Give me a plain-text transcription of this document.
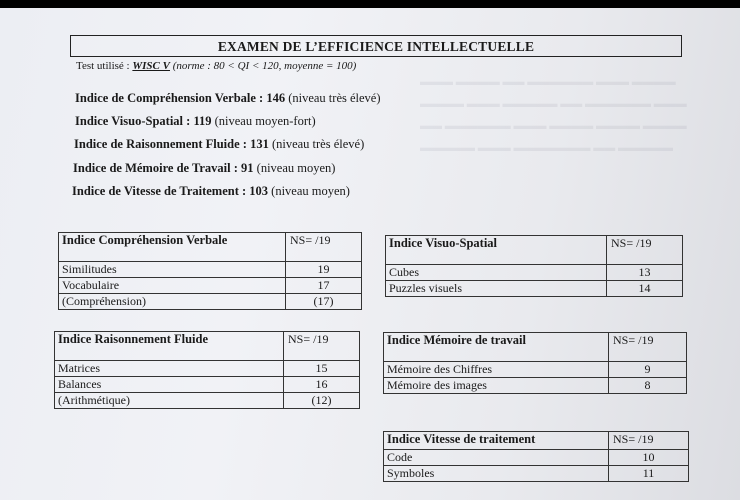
▬▬▬ ▬▬▬▬ ▬▬ ▬▬▬▬▬▬ ▬▬▬ ▬▬▬▬
▬▬▬▬ ▬▬▬ ▬▬▬▬▬ ▬▬ ▬▬▬▬▬▬ ▬▬▬
▬▬ ▬▬▬▬▬▬ ▬▬▬ ▬▬▬▬ ▬▬▬▬ ▬▬▬▬
▬▬▬▬▬ ▬▬▬ ▬▬▬▬▬▬▬ ▬▬ ▬▬▬▬▬
EXAMEN DE L’EFFICIENCE INTELLECTUELLE
Test utilisé : WISC V (norme : 80 < QI < 120, moyenne = 100)
Indice de Compréhension Verbale : 146 (niveau très élevé)
Indice Visuo-Spatial : 119 (niveau moyen-fort)
Indice de Raisonnement Fluide : 131 (niveau très élevé)
Indice de Mémoire de Travail : 91 (niveau moyen)
Indice de Vitesse de Traitement : 103 (niveau moyen)
Indice Compréhension Verbale	NS= /19
Similitudes	19
Vocabulaire	17
(Compréhension)	(17)
Indice Visuo-Spatial	NS= /19
Cubes	13
Puzzles visuels	14
Indice Raisonnement Fluide	NS= /19
Matrices	15
Balances	16
(Arithmétique)	(12)
Indice Mémoire de travail	NS= /19
Mémoire des Chiffres	9
Mémoire des images	8
Indice Vitesse de traitement	NS= /19
Code	10
Symboles	11
